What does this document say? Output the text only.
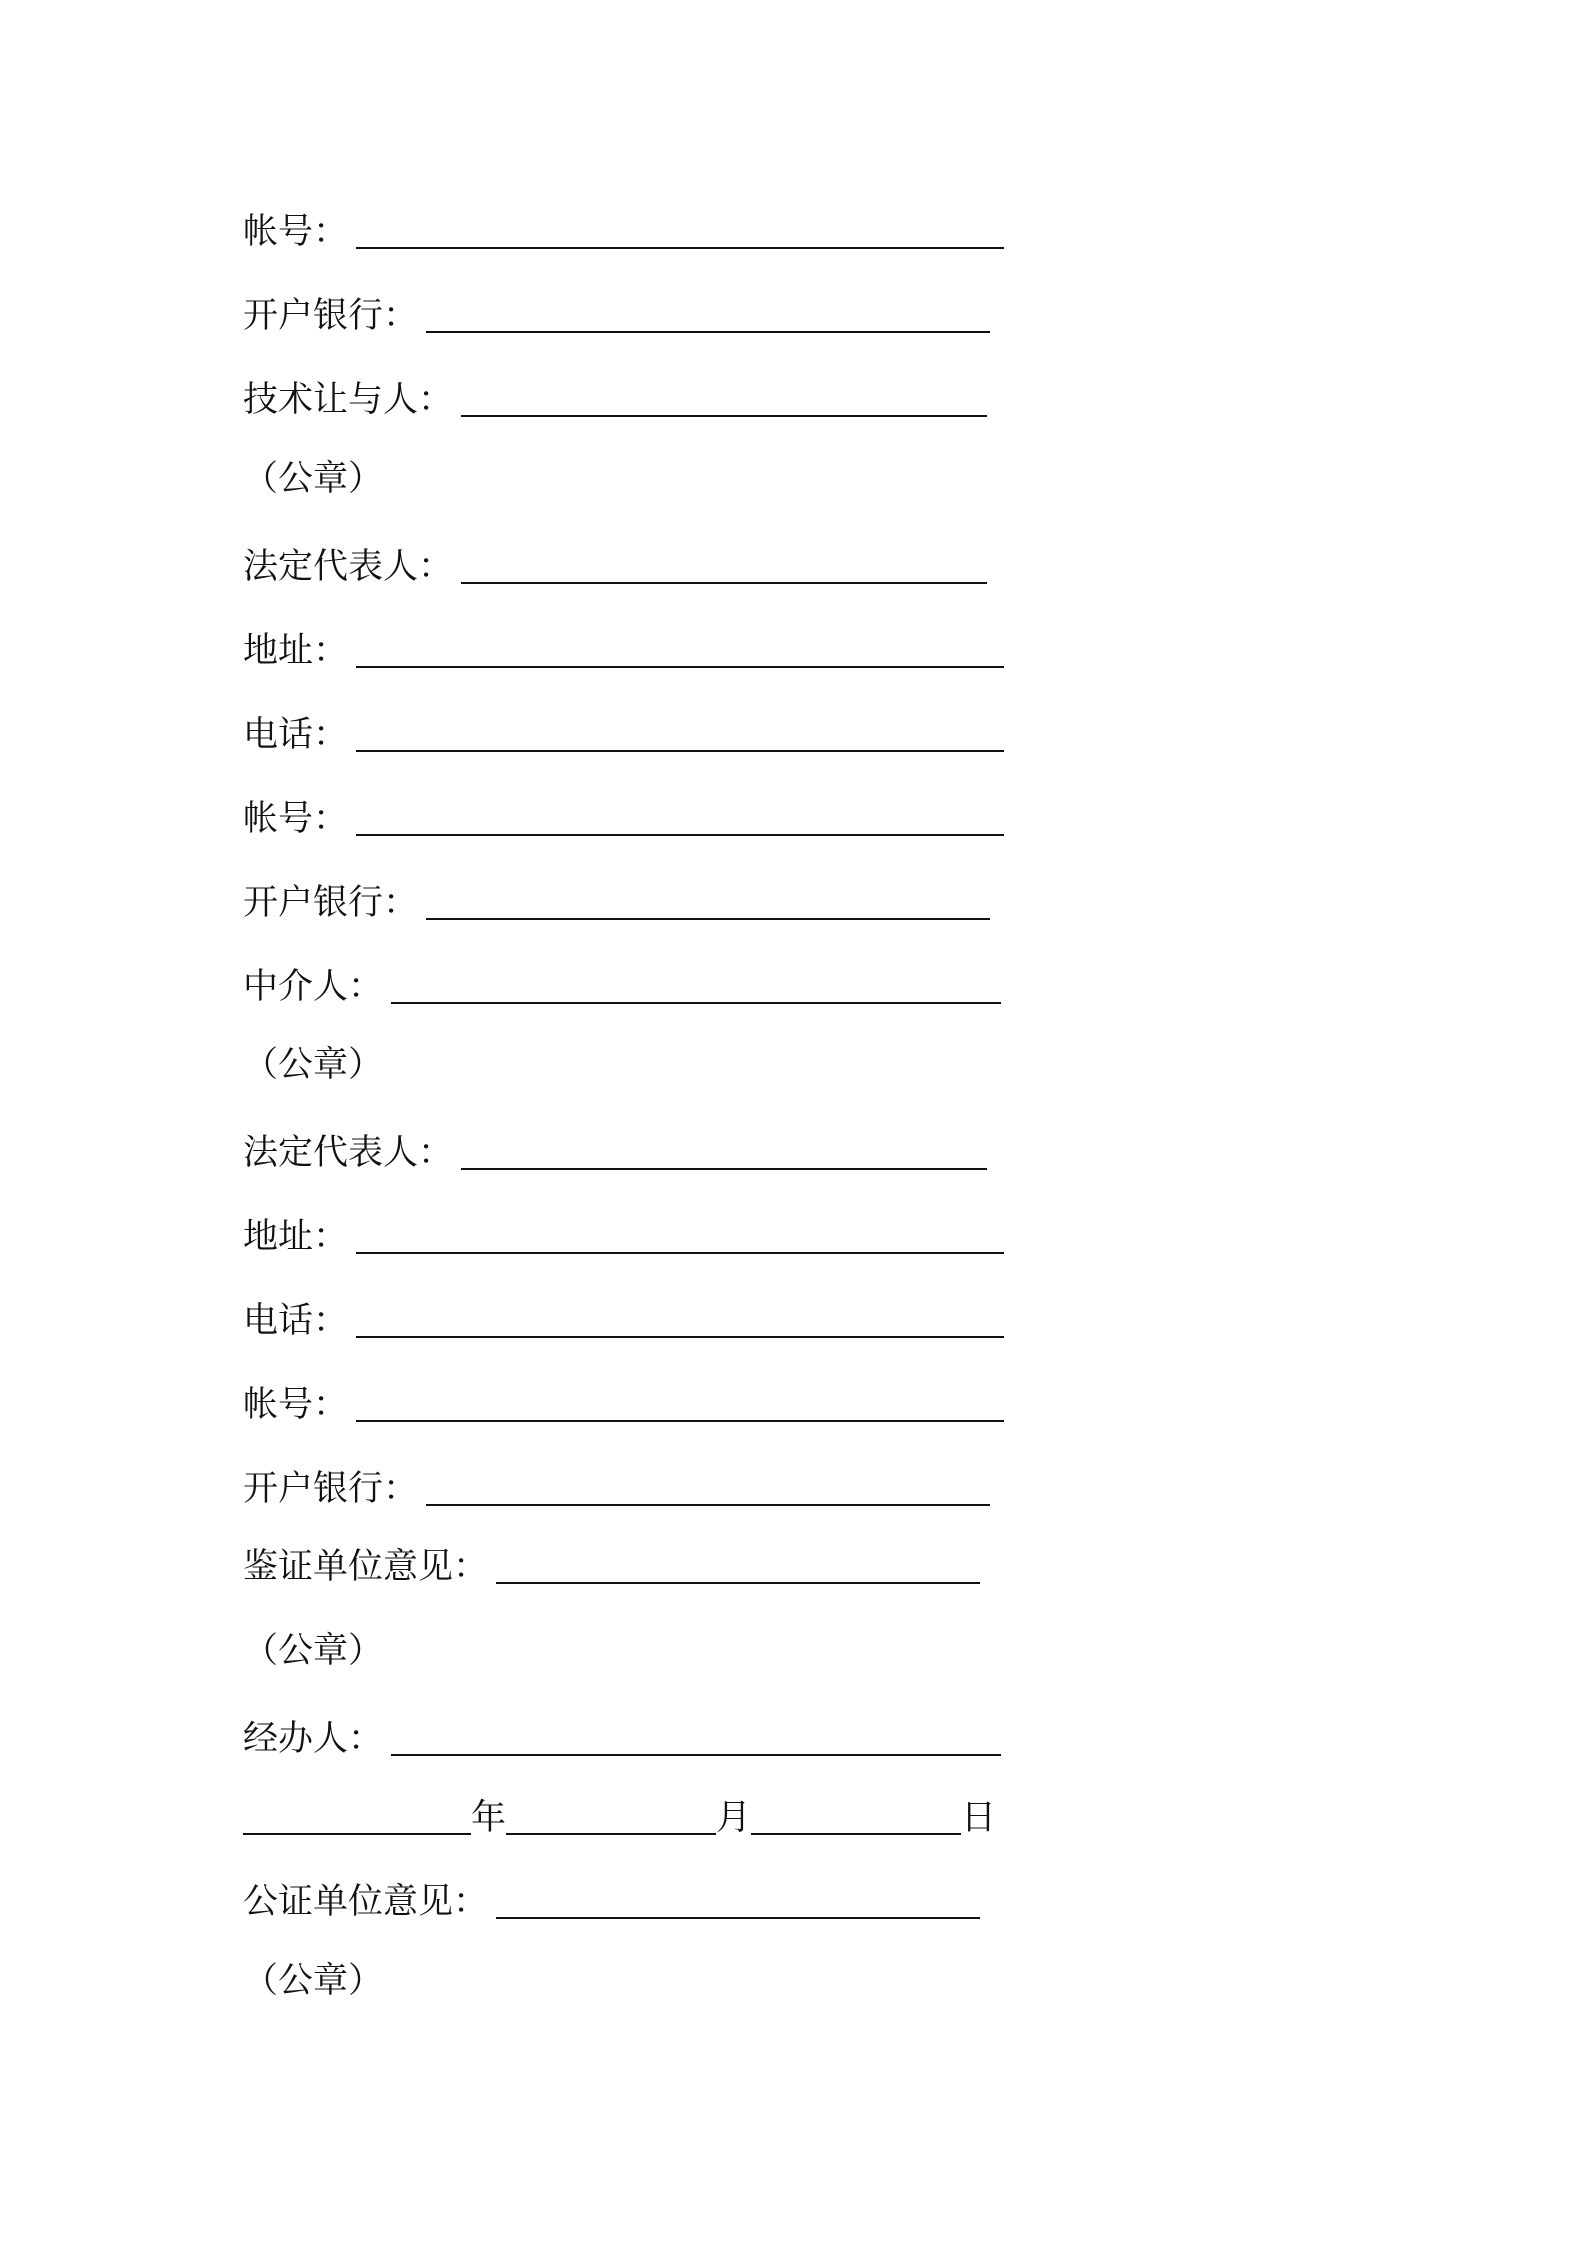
帐号：
开户银行：
技术让与人：
（公章）
法定代表人：
地址：
电话：
帐号：
开户银行：
中介人：
（公章）
法定代表人：
地址：
电话：
帐号：
开户银行：
鉴证单位意见：
（公章）
经办人：
年	月	日
公证单位意见：
（公章）
